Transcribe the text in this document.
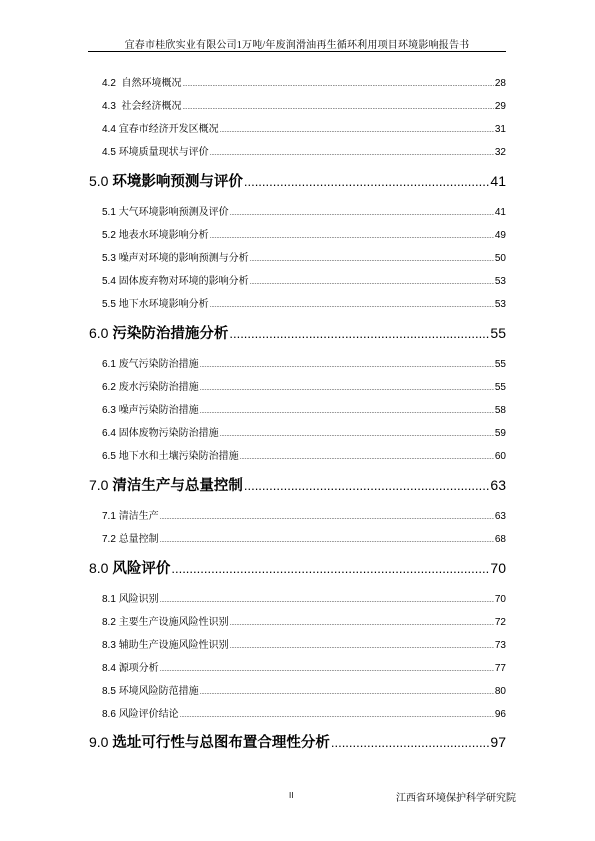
宜春市桂欣实业有限公司1万吨/年废润滑油再生循环利用项目环境影响报告书
4.2 自然环境概况 .....	28
4.3 社会经济概况 .....	29
4.4 宜春市经济开发区概况 .....	31
4.5 环境质量现状与评价 .....	32
5.0 环境影响预测与评价 .....	41
5.1 大气环境影响预测及评价 .....	41
5.2 地表水环境影响分析 .....	49
5.3 噪声对环境的影响预测与分析 .....	50
5.4 固体废弃物对环境的影响分析 .....	53
5.5 地下水环境影响分析 .....	53
6.0 污染防治措施分析 .....	55
6.1 废气污染防治措施 .....	55
6.2 废水污染防治措施 .....	55
6.3 噪声污染防治措施 .....	58
6.4 固体废物污染防治措施 .....	59
6.5 地下水和土壤污染防治措施 .....	60
7.0 清洁生产与总量控制 .....	63
7.1 清洁生产 .....	63
7.2 总量控制 .....	68
8.0 风险评价 .....	70
8.1 风险识别 .....	70
8.2 主要生产设施风险性识别 .....	72
8.3 辅助生产设施风险性识别 .....	73
8.4 源项分析 .....	77
8.5 环境风险防范措施 .....	80
8.6 风险评价结论 .....	96
9.0 选址可行性与总图布置合理性分析 .....	97
II	江西省环境保护科学研究院
